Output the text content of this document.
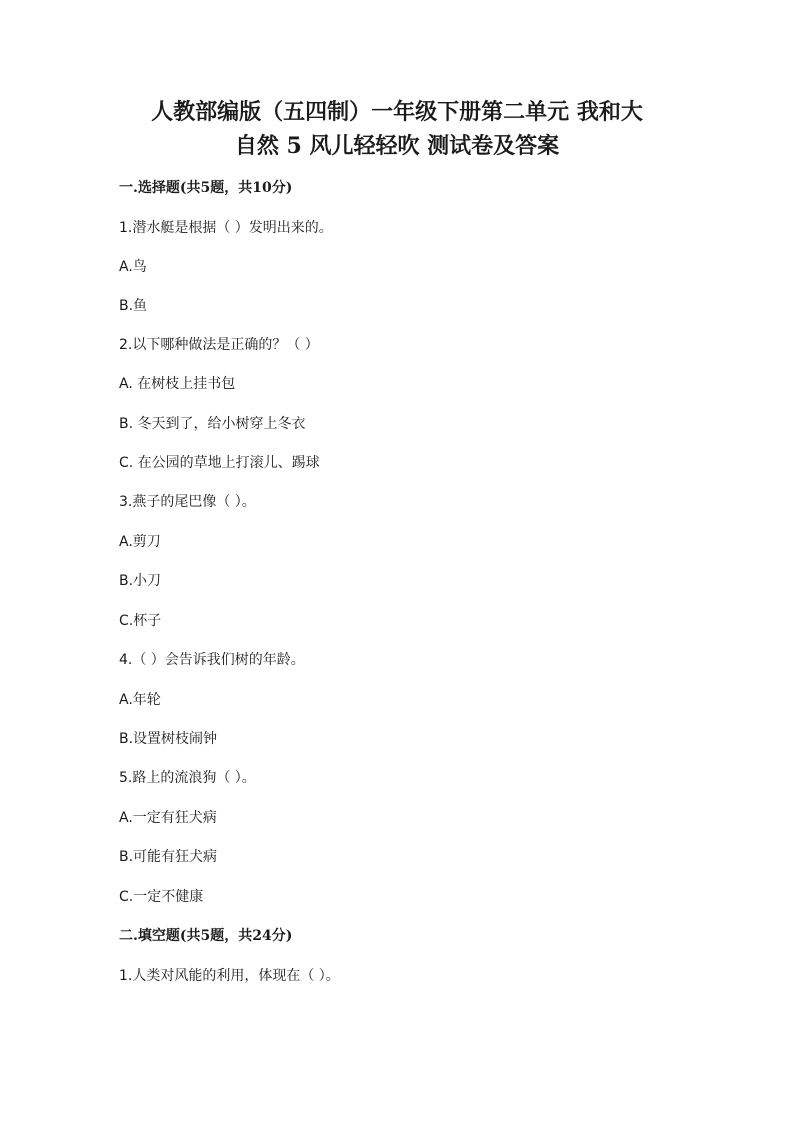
人教部编版（五四制）一年级下册第二单元 我和大
自然 5 风儿轻轻吹 测试卷及答案
一.选择题(共5题，共10分)
1.潜水艇是根据（ ）发明出来的。
A.鸟
B.鱼
2.以下哪种做法是正确的？（ ）
A. 在树枝上挂书包
B. 冬天到了，给小树穿上冬衣
C. 在公园的草地上打滚儿、踢球
3.燕子的尾巴像（ ）。
A.剪刀
B.小刀
C.杯子
4.（ ）会告诉我们树的年龄。
A.年轮
B.设置树枝闹钟
5.路上的流浪狗（ ）。
A.一定有狂犬病
B.可能有狂犬病
C.一定不健康
二.填空题(共5题，共24分)
1.人类对风能的利用，体现在（ ）。
